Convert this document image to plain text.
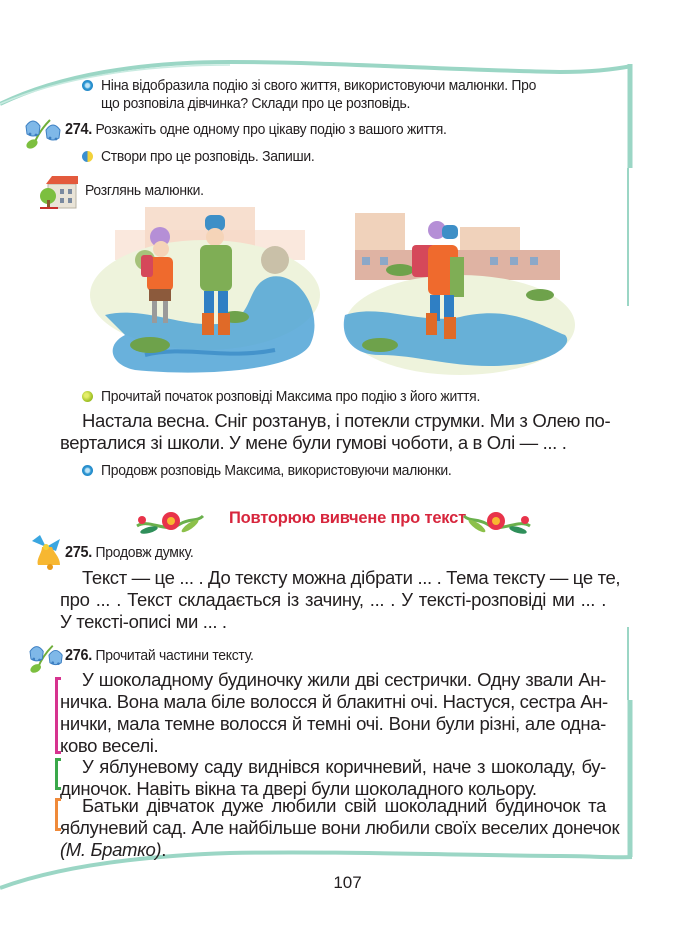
Ніна відобразила подію зі свого життя, використовуючи малюнки. Про
що розповіла дівчинка? Склади про це розповідь.
274. Розкажіть одне одному про цікаву подію з вашого життя.
Створи про це розповідь. Запиши.
Розглянь малюнки.
Прочитай початок розповіді Максима про подію з його життя.
Настала весна. Сніг розтанув, і потекли струмки. Ми з Олею по-
верталися зі школи. У мене були гумові чоботи, а в Олі — ... .
Продовж розповідь Максима, використовуючи малюнки.
Повторюю вивчене про текст
275. Продовж думку.
Текст — це ... . До тексту можна дібрати ... . Тема тексту — це те,
про ... . Текст складається із зачину, ... . У тексті-розповіді ми ... .
У тексті-описі ми ... .
276. Прочитай частини тексту.
У шоколадному будиночку жили дві сестрички. Одну звали Ан-
ничка. Вона мала біле волосся й блакитні очі. Настуся, сестра Ан-
нички, мала темне волосся й темні очі. Вони були різні, але одна-
ково веселі.
У яблуневому саду виднівся коричневий, наче з шоколаду, бу-
диночок. Навіть вікна та двері були шоколадного кольору.
Батьки дівчаток дуже любили свій шоколадний будиночок та
яблуневий сад. Але найбільше вони любили своїх веселих донечок
(М. Братко).
107
